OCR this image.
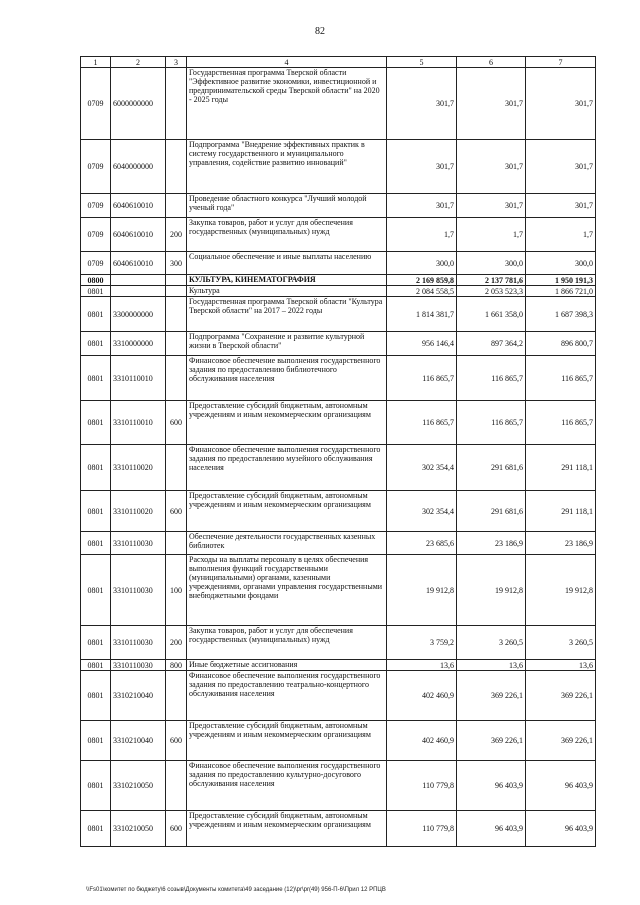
82
1	2	3	4	5	6	7
0709	6000000000		Государственная программа Тверской области "Эффективное развитие экономики, инвестиционной и предпринимательской среды Тверской области" на 2020 - 2025 годы	301,7	301,7	301,7
0709	6040000000		Подпрограмма "Внедрение эффективных практик в систему государственного и муниципального управления, содействие развитию инноваций"	301,7	301,7	301,7
0709	6040610010		Проведение областного конкурса "Лучший молодой ученый года"	301,7	301,7	301,7
0709	6040610010	200	Закупка товаров, работ и услуг для обеспечения государственных (муниципальных) нужд	1,7	1,7	1,7
0709	6040610010	300	Социальное обеспечение и иные выплаты населению	300,0	300,0	300,0
0800			КУЛЬТУРА, КИНЕМАТОГРАФИЯ	2 169 859,8	2 137 781,6	1 950 191,3
0801			Культура	2 084 558,5	2 053 523,3	1 866 721,0
0801	3300000000		Государственная программа Тверской области "Культура Тверской области" на 2017 – 2022 годы	1 814 381,7	1 661 358,0	1 687 398,3
0801	3310000000		Подпрограмма "Сохранение и развитие культурной жизни в Тверской области"	956 146,4	897 364,2	896 800,7
0801	3310110010		Финансовое обеспечение выполнения государственного задания по предоставлению библиотечного обслуживания населения	116 865,7	116 865,7	116 865,7
0801	3310110010	600	Предоставление субсидий бюджетным, автономным учреждениям и иным некоммерческим организациям	116 865,7	116 865,7	116 865,7
0801	3310110020		Финансовое обеспечение выполнения государственного задания по предоставлению музейного обслуживания населения	302 354,4	291 681,6	291 118,1
0801	3310110020	600	Предоставление субсидий бюджетным, автономным учреждениям и иным некоммерческим организациям	302 354,4	291 681,6	291 118,1
0801	3310110030		Обеспечение деятельности государственных казенных библиотек	23 685,6	23 186,9	23 186,9
0801	3310110030	100	Расходы на выплаты персоналу в целях обеспечения выполнения функций государственными (муниципальными) органами, казенными учреждениями, органами управления государственными внебюджетными фондами	19 912,8	19 912,8	19 912,8
0801	3310110030	200	Закупка товаров, работ и услуг для обеспечения государственных (муниципальных) нужд	3 759,2	3 260,5	3 260,5
0801	3310110030	800	Иные бюджетные ассигнования	13,6	13,6	13,6
0801	3310210040		Финансовое обеспечение выполнения государственного задания по предоставлению театрально-концертного обслуживания населения	402 460,9	369 226,1	369 226,1
0801	3310210040	600	Предоставление субсидий бюджетным, автономным учреждениям и иным некоммерческим организациям	402 460,9	369 226,1	369 226,1
0801	3310210050		Финансовое обеспечение выполнения государственного задания по предоставлению культурно-досугового обслуживания населения	110 779,8	96 403,9	96 403,9
0801	3310210050	600	Предоставление субсидий бюджетным, автономным учреждениям и иным некоммерческим организациям	110 779,8	96 403,9	96 403,9
\\Fs01\комитет по бюджету\6 созыв\Документы комитета\49 заседание (12)\pr\pr(49) 956-П-6\Прил 12 РПЦВ
